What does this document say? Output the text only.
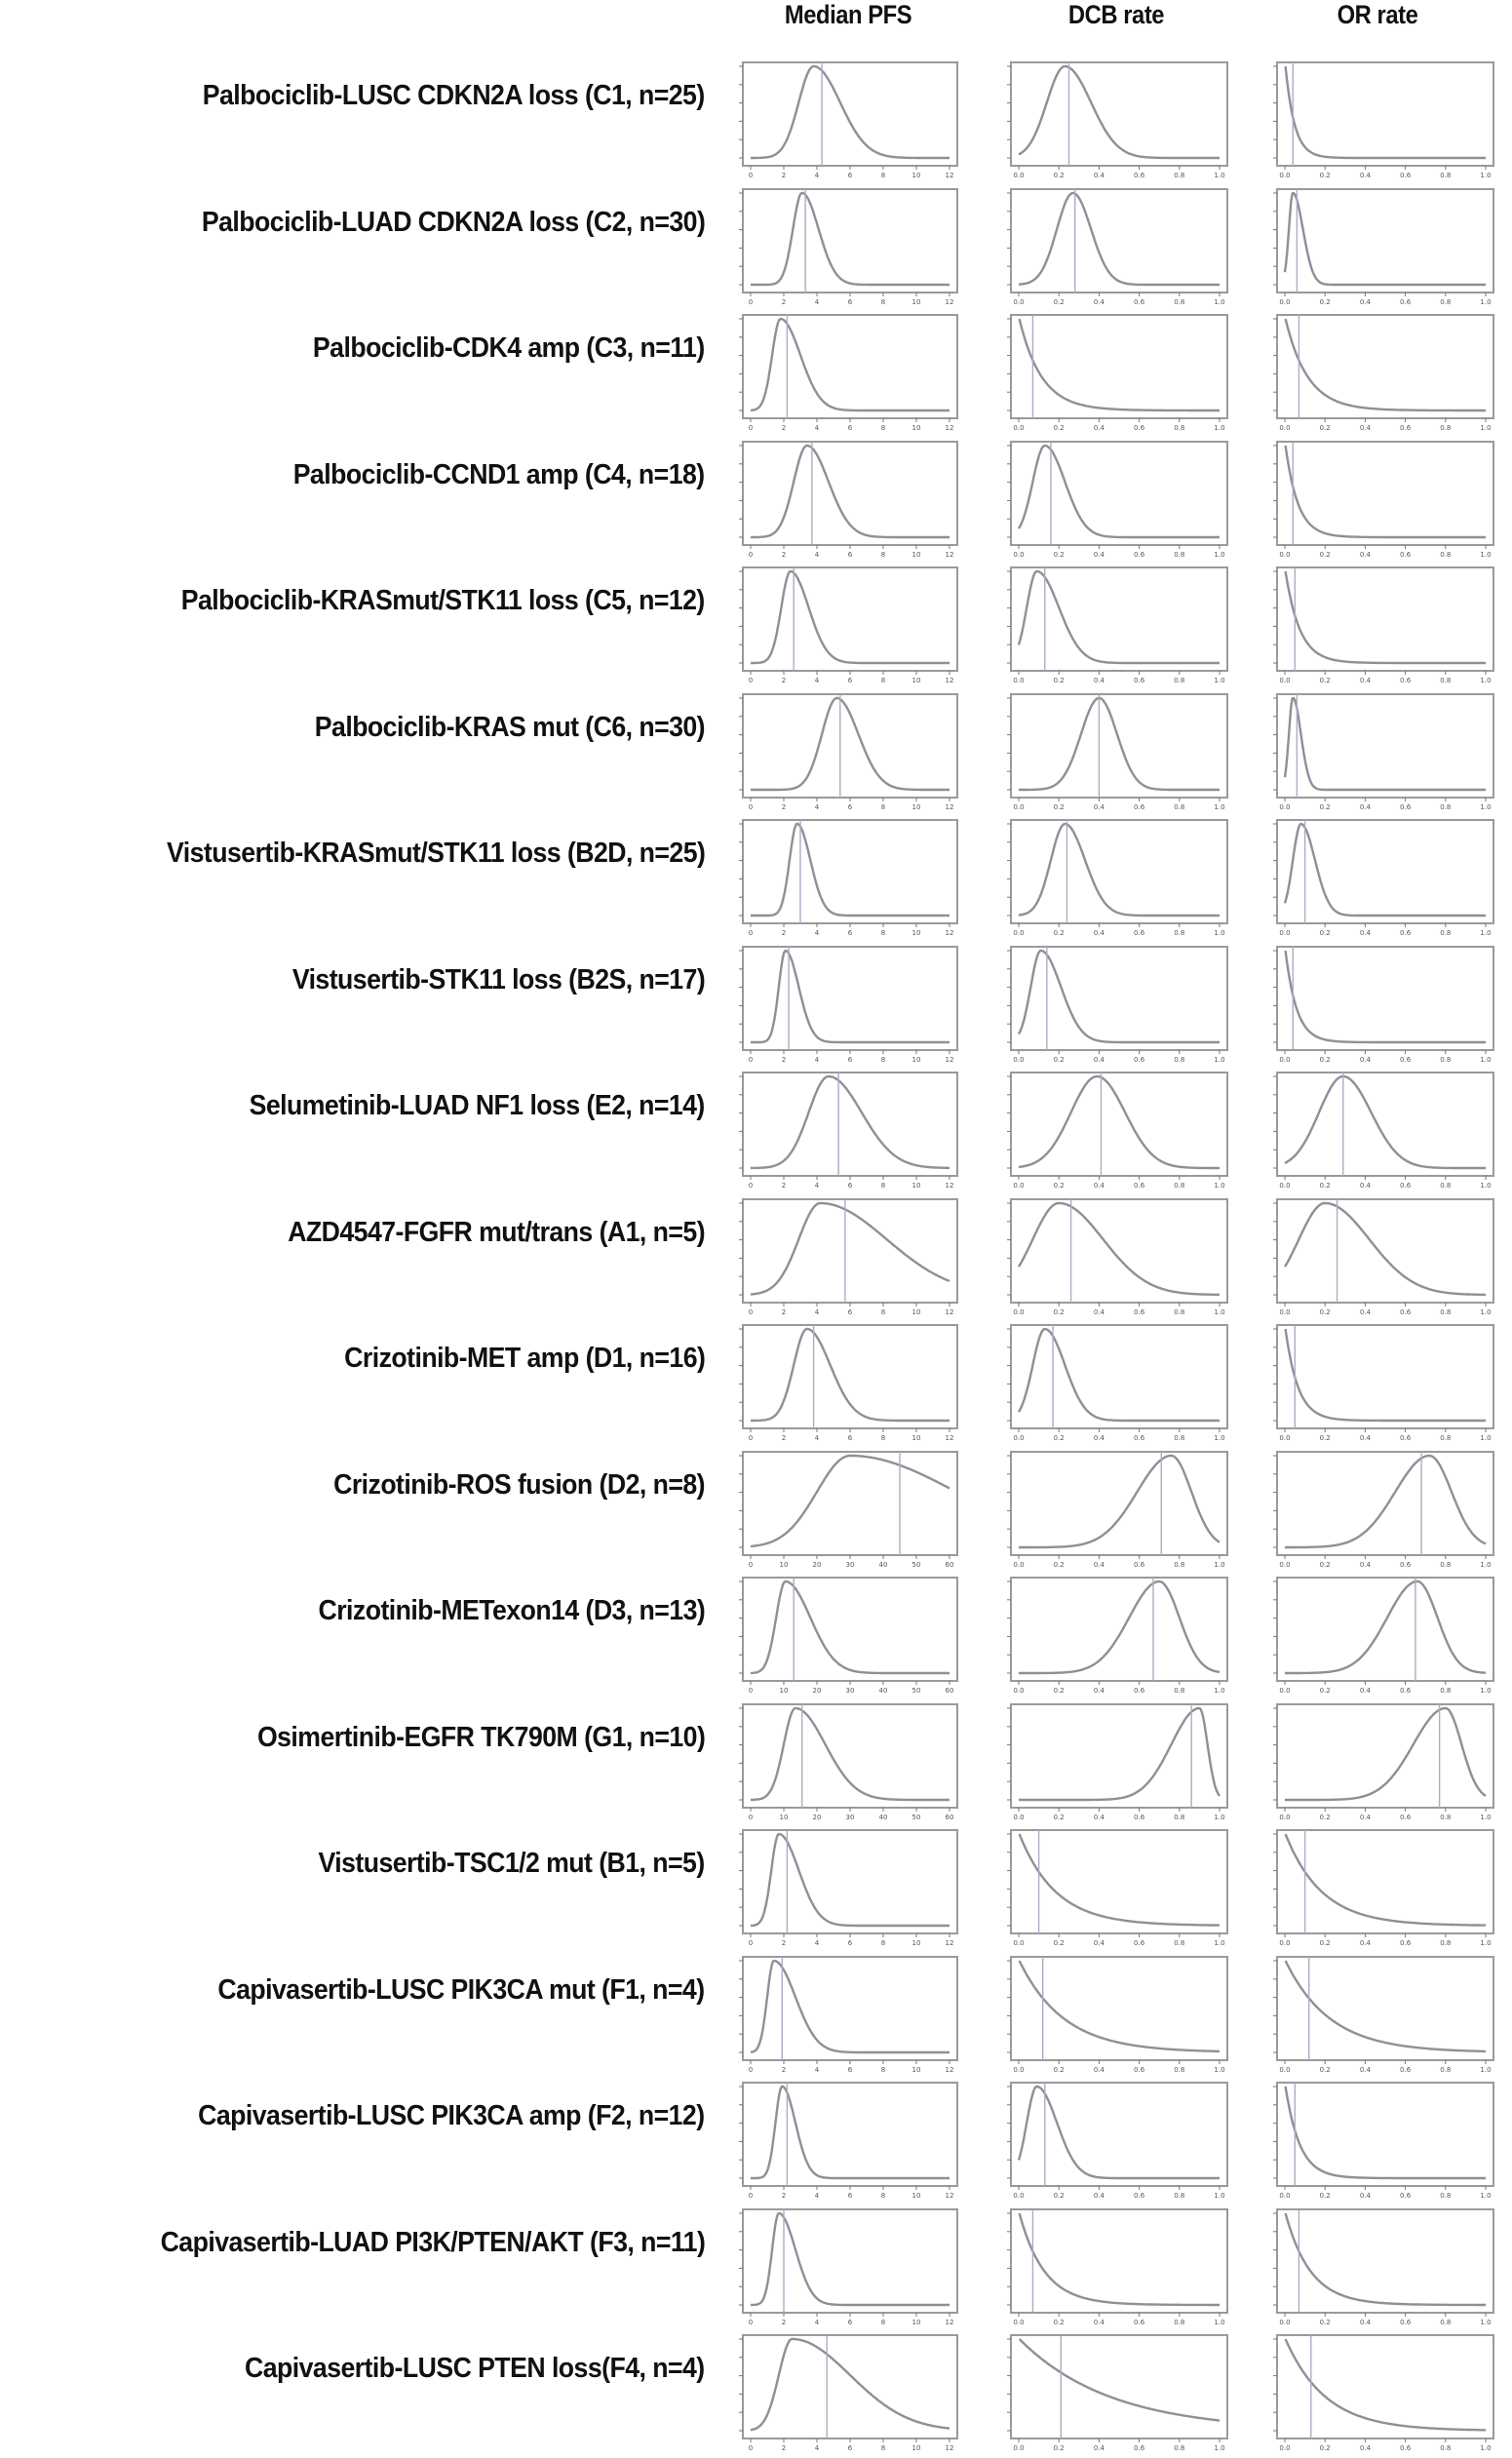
Median PFS	DCB rate	OR rate
Palbociclib-LUSC CDKN2A loss (C1, n=25)
0	2	4	6	8	10	12	0.0	0.2	0.4	0.6	0.8	1.0	0.0	0.2	0.4	0.6	0.8	1.0
Palbociclib-LUAD CDKN2A loss (C2, n=30)
0	2	4	6	8	10	12	0.0	0.2	0.4	0.6	0.8	1.0	0.0	0.2	0.4	0.6	0.8	1.0
Palbociclib-CDK4 amp (C3, n=11)
0	2	4	6	8	10	12	0.0	0.2	0.4	0.6	0.8	1.0	0.0	0.2	0.4	0.6	0.8	1.0
Palbociclib-CCND1 amp (C4, n=18)
0	2	4	6	8	10	12	0.0	0.2	0.4	0.6	0.8	1.0	0.0	0.2	0.4	0.6	0.8	1.0
Palbociclib-KRASmut/STK11 loss (C5, n=12)
0	2	4	6	8	10	12	0.0	0.2	0.4	0.6	0.8	1.0	0.0	0.2	0.4	0.6	0.8	1.0
Palbociclib-KRAS mut (C6, n=30)
0	2	4	6	8	10	12	0.0	0.2	0.4	0.6	0.8	1.0	0.0	0.2	0.4	0.6	0.8	1.0
Vistusertib-KRASmut/STK11 loss (B2D, n=25)
0	2	4	6	8	10	12	0.0	0.2	0.4	0.6	0.8	1.0	0.0	0.2	0.4	0.6	0.8	1.0
Vistusertib-STK11 loss (B2S, n=17)
0	2	4	6	8	10	12	0.0	0.2	0.4	0.6	0.8	1.0	0.0	0.2	0.4	0.6	0.8	1.0
Selumetinib-LUAD NF1 loss (E2, n=14)
0	2	4	6	8	10	12	0.0	0.2	0.4	0.6	0.8	1.0	0.0	0.2	0.4	0.6	0.8	1.0
AZD4547-FGFR mut/trans (A1, n=5)
0	2	4	6	8	10	12	0.0	0.2	0.4	0.6	0.8	1.0	0.0	0.2	0.4	0.6	0.8	1.0
Crizotinib-MET amp (D1, n=16)
0	2	4	6	8	10	12	0.0	0.2	0.4	0.6	0.8	1.0	0.0	0.2	0.4	0.6	0.8	1.0
Crizotinib-ROS fusion (D2, n=8)
0	10	20	30	40	50	60	0.0	0.2	0.4	0.6	0.8	1.0	0.0	0.2	0.4	0.6	0.8	1.0
Crizotinib-METexon14 (D3, n=13)
0	10	20	30	40	50	60	0.0	0.2	0.4	0.6	0.8	1.0	0.0	0.2	0.4	0.6	0.8	1.0
Osimertinib-EGFR TK790M (G1, n=10)
0	10	20	30	40	50	60	0.0	0.2	0.4	0.6	0.8	1.0	0.0	0.2	0.4	0.6	0.8	1.0
Vistusertib-TSC1/2 mut (B1, n=5)
0	2	4	6	8	10	12	0.0	0.2	0.4	0.6	0.8	1.0	0.0	0.2	0.4	0.6	0.8	1.0
Capivasertib-LUSC PIK3CA mut (F1, n=4)
0	2	4	6	8	10	12	0.0	0.2	0.4	0.6	0.8	1.0	0.0	0.2	0.4	0.6	0.8	1.0
Capivasertib-LUSC PIK3CA amp (F2, n=12)
0	2	4	6	8	10	12	0.0	0.2	0.4	0.6	0.8	1.0	0.0	0.2	0.4	0.6	0.8	1.0
Capivasertib-LUAD PI3K/PTEN/AKT (F3, n=11)
0	2	4	6	8	10	12	0.0	0.2	0.4	0.6	0.8	1.0	0.0	0.2	0.4	0.6	0.8	1.0
Capivasertib-LUSC PTEN loss(F4, n=4)
0	2	4	6	8	10	12	0.0	0.2	0.4	0.6	0.8	1.0	0.0	0.2	0.4	0.6	0.8	1.0
